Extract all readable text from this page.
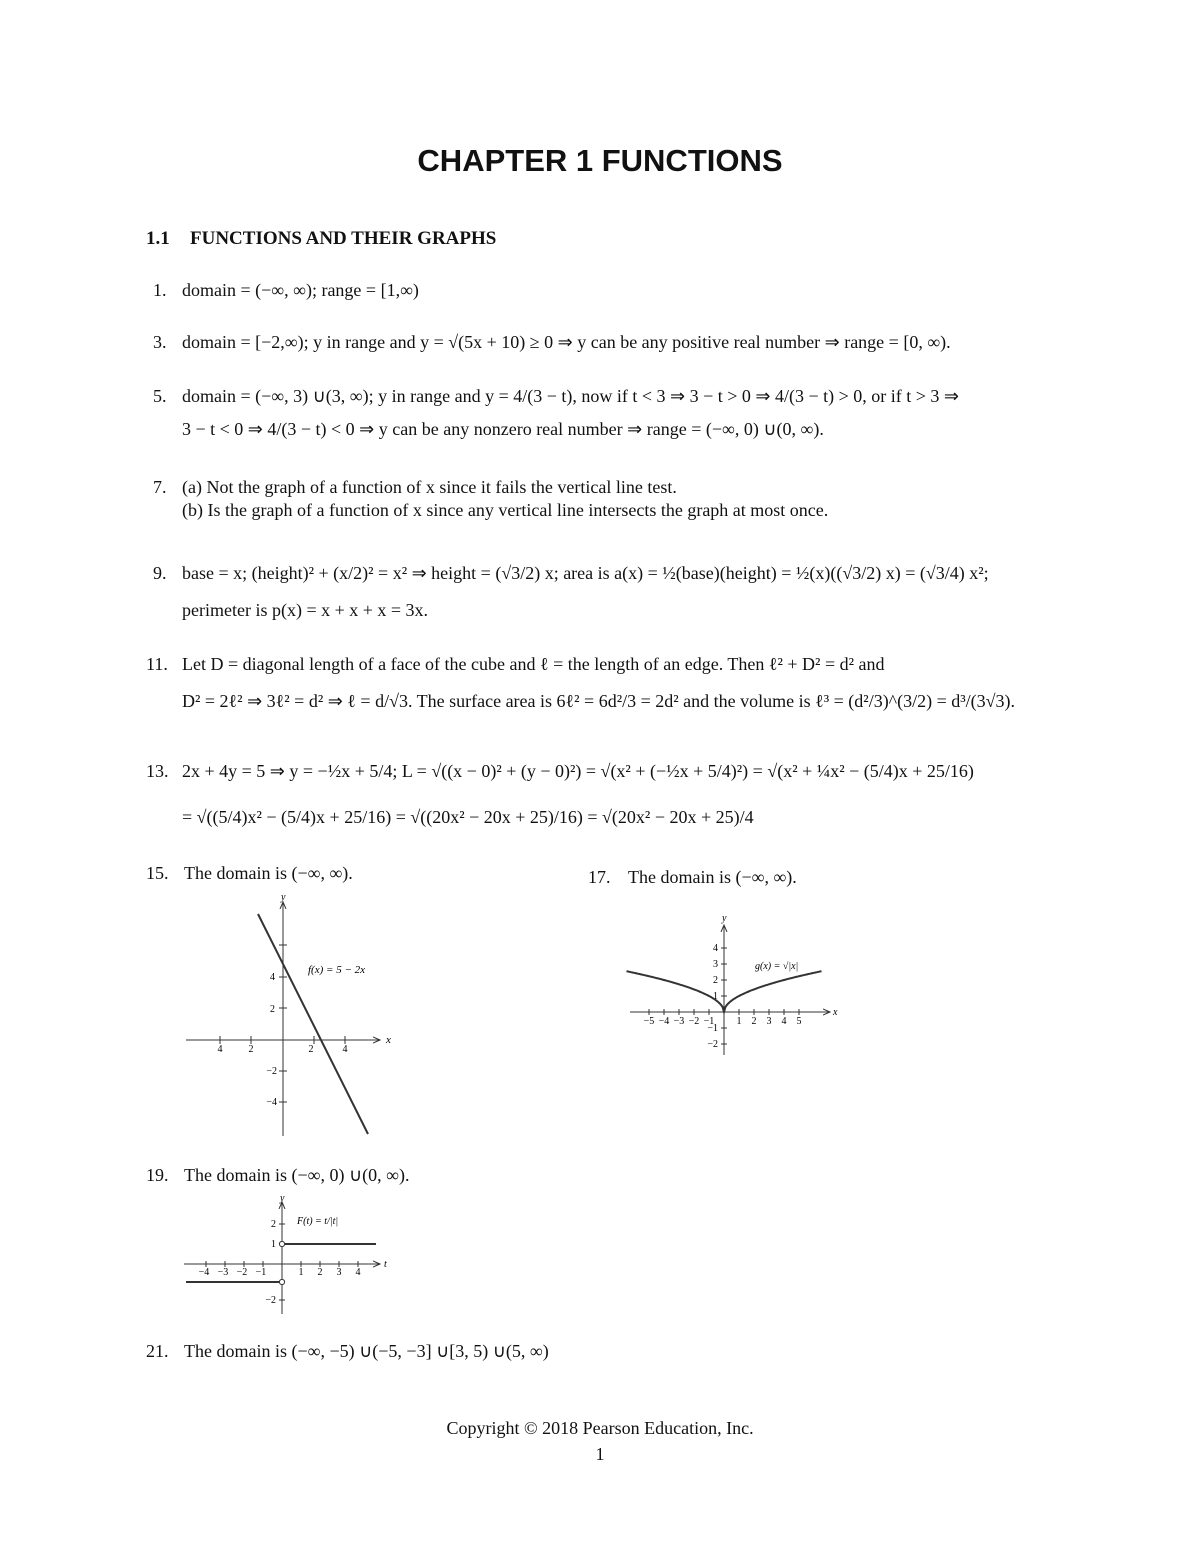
CHAPTER 1 FUNCTIONS
1.1 FUNCTIONS AND THEIR GRAPHS
1. domain = (−∞, ∞); range = [1,∞)
3. domain = [−2,∞); y in range and y = √(5x + 10) ≥ 0 ⇒ y can be any positive real number ⇒ range = [0, ∞).
5. domain = (−∞, 3) ∪(3, ∞); y in range and y = 4/(3 − t), now if t < 3 ⇒ 3 − t > 0 ⇒ 4/(3 − t) > 0, or if t > 3 ⇒
3 − t < 0 ⇒ 4/(3 − t) < 0 ⇒ y can be any nonzero real number ⇒ range = (−∞, 0) ∪(0, ∞).
7. (a) Not the graph of a function of x since it fails the vertical line test.
(b) Is the graph of a function of x since any vertical line intersects the graph at most once.
9. base = x; (height)² + (x/2)² = x² ⇒ height = (√3/2) x; area is a(x) = ½(base)(height) = ½(x)((√3/2) x) = (√3/4) x²;
perimeter is p(x) = x + x + x = 3x.
11. Let D = diagonal length of a face of the cube and ℓ = the length of an edge. Then ℓ² + D² = d² and
D² = 2ℓ² ⇒ 3ℓ² = d² ⇒ ℓ = d/√3. The surface area is 6ℓ² = 6d²/3 = 2d² and the volume is ℓ³ = (d²/3)^(3/2) = d³/(3√3).
13. 2x + 4y = 5 ⇒ y = −½x + 5/4; L = √((x − 0)² + (y − 0)²) = √(x² + (−½x + 5/4)²) = √(x² + ¼x² − (5/4)x + 25/16)
= √((5/4)x² − (5/4)x + 25/16) = √((20x² − 20x + 25)/16) = √(20x² − 20x + 25)/4
15. The domain is (−∞, ∞).	17. The domain is (−∞, ∞).
4	2	2	4
4
2
−2
−4
x
y
f(x) = 5 − 2x
−5 −4 −3 −2 −1 1 2 3 4 5
4
3
2
1
−1
−2
x
y
g(x) = √|x|
19. The domain is (−∞, 0) ∪(0, ∞).
−4 −3 −2 −1	1 2 3 4
2
1
−2
t
y
F(t) = t/|t|
21. The domain is (−∞, −5) ∪(−5, −3] ∪[3, 5) ∪(5, ∞)
Copyright © 2018 Pearson Education, Inc.
1
